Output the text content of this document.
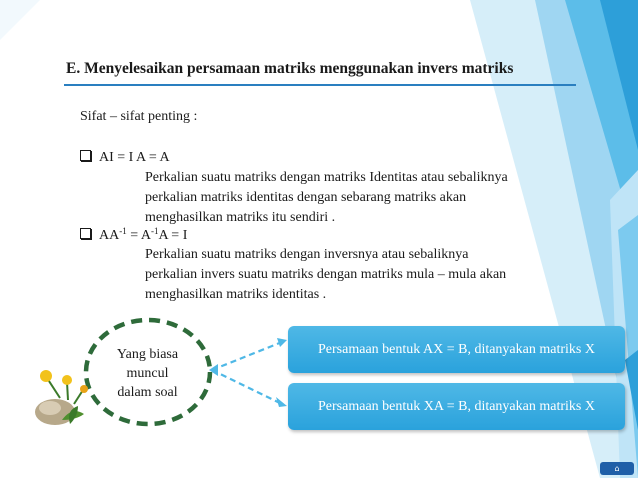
E. Menyelesaikan persamaan matriks menggunakan invers matriks
Sifat – sifat penting :
AI = I A = A
Perkalian suatu matriks dengan matriks Identitas atau sebaliknya
perkalian matriks identitas dengan sebarang matriks akan
menghasilkan matriks itu sendiri .
$AA^{-1} = A^{-1}A = I$
Perkalian suatu matriks dengan inversnya atau sebaliknya
perkalian invers suatu matriks dengan matriks mula – mula akan
menghasilkan matriks identitas .
Yang biasa
muncul
dalam soal
Persamaan bentuk AX = B, ditanyakan matriks X
Persamaan bentuk XA = B, ditanyakan matriks X
⌂
